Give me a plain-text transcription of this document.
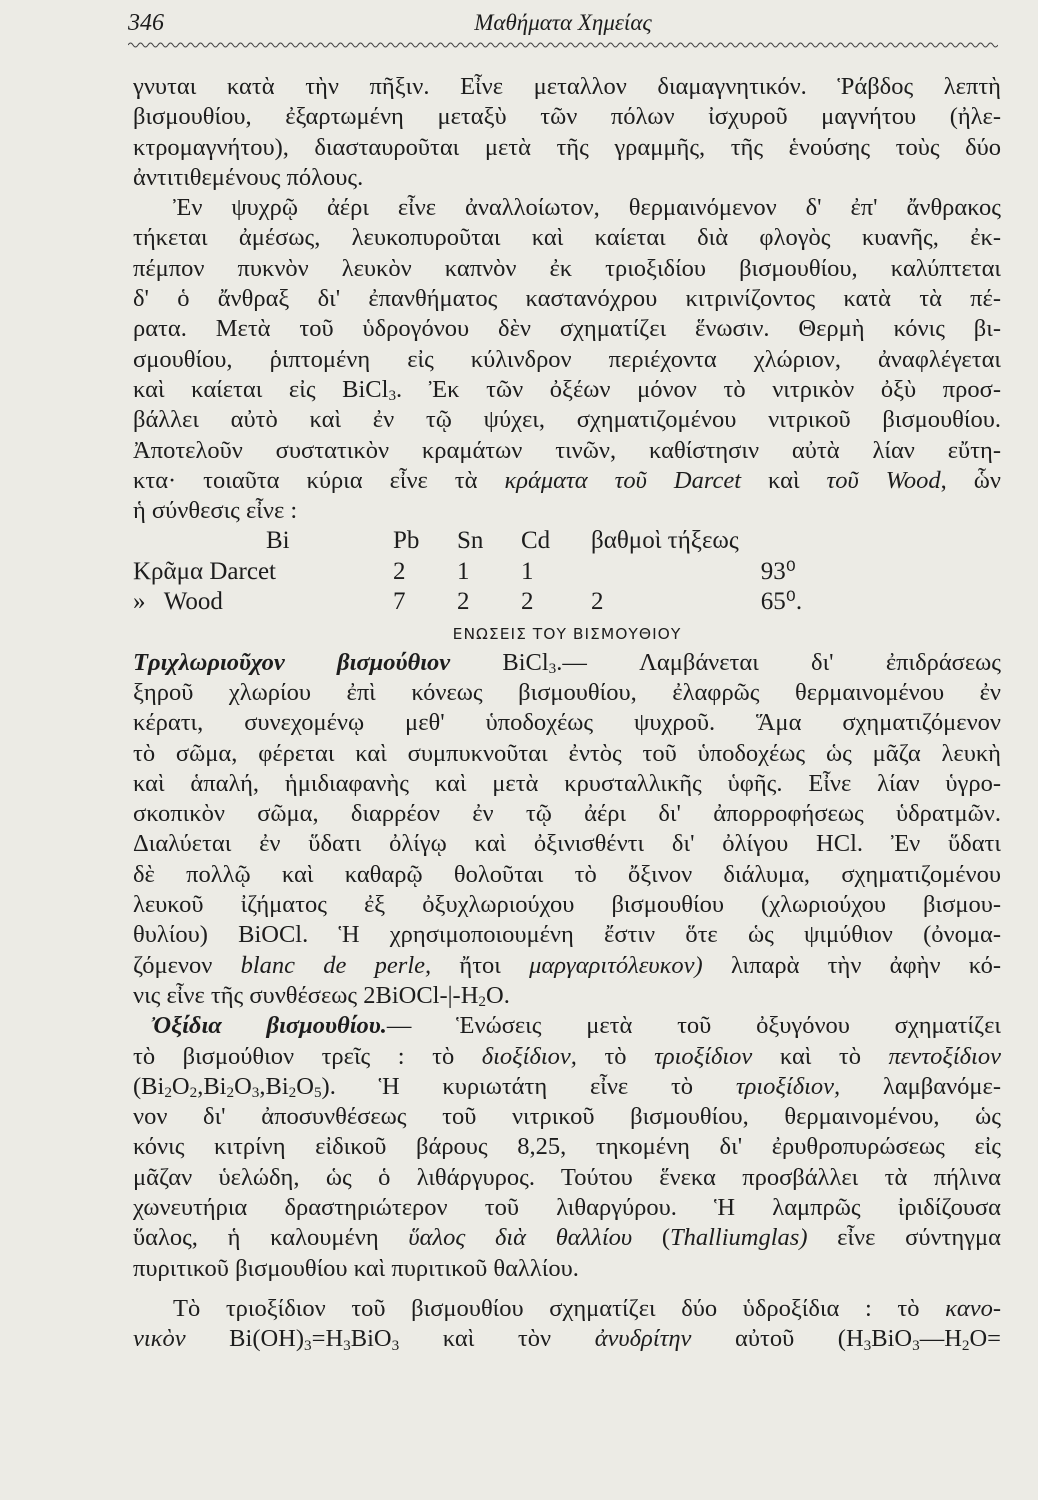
346	Μαθήματα Χημείας
γνυται κατὰ τὴν πῆξιν. Εἶνε μεταλλον διαμαγνητικόν. Ῥάβδος λεπτὴ
βισμουθίου, ἐξαρτωμένη μεταξὺ τῶν πόλων ἰσχυροῦ μαγνήτου (ἠλε-
κτρομαγνήτου), διασταυροῦται μετὰ τῆς γραμμῆς, τῆς ἑνούσης τοὺς δύο
ἀντιτιθεμένους πόλους.
Ἐν ψυχρῷ ἀέρι εἶνε ἀναλλοίωτον, θερμαινόμενον δ' ἐπ' ἄνθρακος
τήκεται ἀμέσως, λευκοπυροῦται καὶ καίεται διὰ φλογὸς κυανῆς, ἐκ-
πέμπον πυκνὸν λευκὸν καπνὸν ἐκ τριοξιδίου βισμουθίου, καλύπτεται
δ' ὁ ἄνθραξ δι' ἐπανθήματος καστανόχρου κιτρινίζοντος κατὰ τὰ πέ-
ρατα. Μετὰ τοῦ ὑδρογόνου δὲν σχηματίζει ἕνωσιν. Θερμὴ κόνις βι-
σμουθίου, ῥιπτομένη εἰς κύλινδρον περιέχοντα χλώριον, ἀναφλέγεται
καὶ καίεται εἰς BiCl$_3$. Ἐκ τῶν ὀξέων μόνον τὸ νιτρικὸν ὀξὺ προσ-
βάλλει αὐτὸ καὶ ἐν τῷ ψύχει, σχηματιζομένου νιτρικοῦ βισμουθίου.
Ἀποτελοῦν συστατικὸν κραμάτων τινῶν, καθίστησιν αὐτὰ λίαν εὔτη-
κτα· τοιαῦτα κύρια εἶνε τὰ κράματα τοῦ Darcet καὶ τοῦ Wood, ὧν
ἡ σύνθεσις εἶνε :
	Bi	Pb	Sn	Cd	βαθμοὶ τήξεως	
Κρᾶμα Darcet		2	1	1		93⁰
»   Wood		7	2	2	2	65⁰.
ΕΝΩΣΕΙΣ ΤΟΥ ΒΙΣΜΟΥΘΙΟΥ
Τριχλωριοῦχον βισμούθιον BiCl$_3$.— Λαμβάνεται δι' ἐπιδράσεως
ξηροῦ χλωρίου ἐπὶ κόνεως βισμουθίου, ἐλαφρῶς θερμαινομένου ἐν
κέρατι, συνεχομένῳ μεθ' ὑποδοχέως ψυχροῦ. Ἅμα σχηματιζόμενον
τὸ σῶμα, φέρεται καὶ συμπυκνοῦται ἐντὸς τοῦ ὑποδοχέως ὡς μᾶζα λευκὴ
καὶ ἁπαλή, ἡμιδιαφανὴς καὶ μετὰ κρυσταλλικῆς ὑφῆς. Εἶνε λίαν ὑγρο-
σκοπικὸν σῶμα, διαρρέον ἐν τῷ ἀέρι δι' ἀπορροφήσεως ὑδρατμῶν.
Διαλύεται ἐν ὕδατι ὀλίγῳ καὶ ὀξινισθέντι δι' ὀλίγου HCl. Ἐν ὕδατι
δὲ πολλῷ καὶ καθαρῷ θολοῦται τὸ ὄξινον διάλυμα, σχηματιζομένου
λευκοῦ ἰζήματος ἐξ ὀξυχλωριούχου βισμουθίου (χλωριούχου βισμου-
θυλίου) BiOCl. Ἡ χρησιμοποιουμένη ἔστιν ὅτε ὡς ψιμύθιον (ὀνομα-
ζόμενον blanc de perle, ἤτοι μαργαριτόλευκον) λιπαρὰ τὴν ἀφὴν κό-
νις εἶνε τῆς συνθέσεως $2BiOCl-|-H_2O$.
Ὀξίδια βισμουθίου.— Ἑνώσεις μετὰ τοῦ ὀξυγόνου σχηματίζει
τὸ βισμούθιον τρεῖς : τὸ διοξίδιον, τὸ τριοξίδιον καὶ τὸ πεντοξίδιον
$(Bi_2O_2,Bi_2O_3,Bi_2O_5)$. Ἡ κυριωτάτη εἶνε τὸ τριοξίδιον, λαμβανόμε-
νον δι' ἀποσυνθέσεως τοῦ νιτρικοῦ βισμουθίου, θερμαινομένου, ὡς
κόνις κιτρίνη εἰδικοῦ βάρους 8,25, τηκομένη δι' ἐρυθροπυρώσεως εἰς
μᾶζαν ὑελώδη, ὡς ὁ λιθάργυρος. Τούτου ἕνεκα προσβάλλει τὰ πήλινα
χωνευτήρια δραστηριώτερον τοῦ λιθαργύρου. Ἡ λαμπρῶς ἰριδίζουσα
ὕαλος, ἡ καλουμένη ὕαλος διὰ θαλλίου (Thalliumglas) εἶνε σύντηγμα
πυριτικοῦ βισμουθίου καὶ πυριτικοῦ θαλλίου.
Τὸ τριοξίδιον τοῦ βισμουθίου σχηματίζει δύο ὑδροξίδια : τὸ κανο-
νικὸν $Bi(OH)_3=H_3BiO_3$ καὶ τὸν ἀνυδρίτην αὐτοῦ ($H_3BiO_3—H_2O=$
